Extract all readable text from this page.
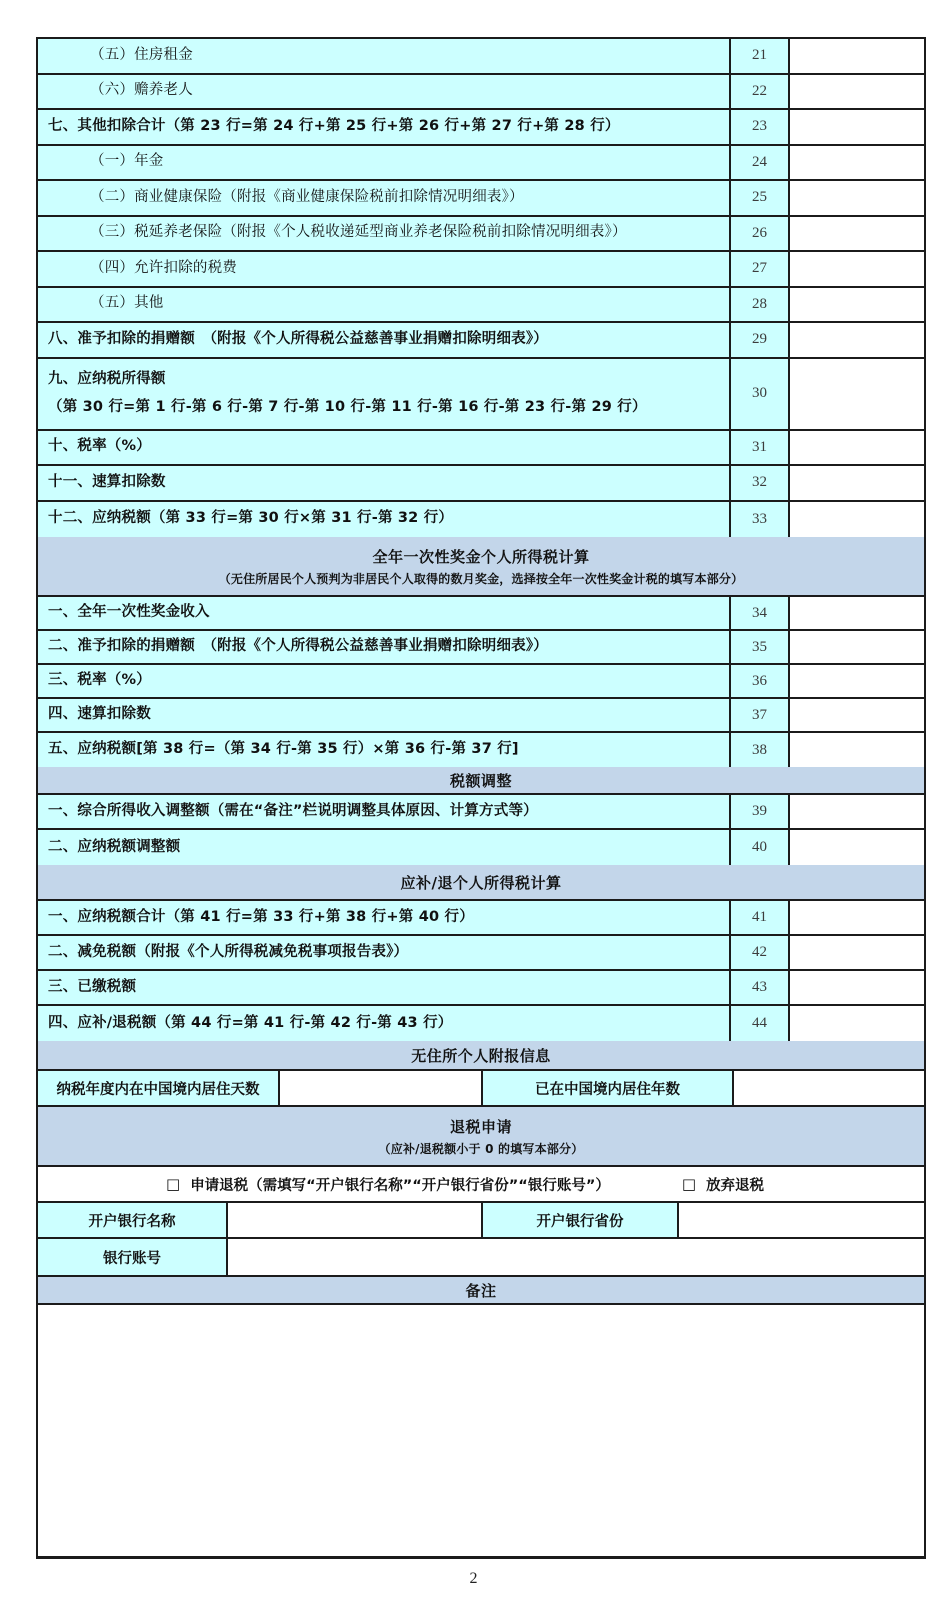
（五）住房租金	21
（六）赡养老人	22
七、其他扣除合计（第 23 行=第 24 行+第 25 行+第 26 行+第 27 行+第 28 行）	23
（一）年金	24
（二）商业健康保险（附报《商业健康保险税前扣除情况明细表》）	25
（三）税延养老保险（附报《个人税收递延型商业养老保险税前扣除情况明细表》）	26
（四）允许扣除的税费	27
（五）其他	28
八、准予扣除的捐赠额　（附报《个人所得税公益慈善事业捐赠扣除明细表》）	29
九、应纳税所得额
（第 30 行=第 1 行-第 6 行-第 7 行-第 10 行-第 11 行-第 16 行-第 23 行-第 29 行）
30
十、税率（%）	31
十一、速算扣除数	32
十二、应纳税额（第 33 行=第 30 行×第 31 行-第 32 行）	33
全年一次性奖金个人所得税计算
（无住所居民个人预判为非居民个人取得的数月奖金，选择按全年一次性奖金计税的填写本部分）
一、全年一次性奖金收入	34
二、准予扣除的捐赠额　（附报《个人所得税公益慈善事业捐赠扣除明细表》）	35
三、税率（%）	36
四、速算扣除数	37
五、应纳税额[第 38 行=（第 34 行-第 35 行）×第 36 行-第 37 行]	38
税额调整
一、综合所得收入调整额（需在“备注”栏说明调整具体原因、计算方式等）	39
二、应纳税额调整额	40
应补/退个人所得税计算
一、应纳税额合计（第 41 行=第 33 行+第 38 行+第 40 行）	41
二、减免税额（附报《个人所得税减免税事项报告表》）	42
三、已缴税额	43
四、应补/退税额（第 44 行=第 41 行-第 42 行-第 43 行）	44
无住所个人附报信息
纳税年度内在中国境内居住天数	已在中国境内居住年数
退税申请
（应补/退税额小于 0 的填写本部分）
□ 申请退税（需填写“开户银行名称”“开户银行省份”“银行账号”）	□ 放弃退税
开户银行名称	开户银行省份
银行账号
备注
2
